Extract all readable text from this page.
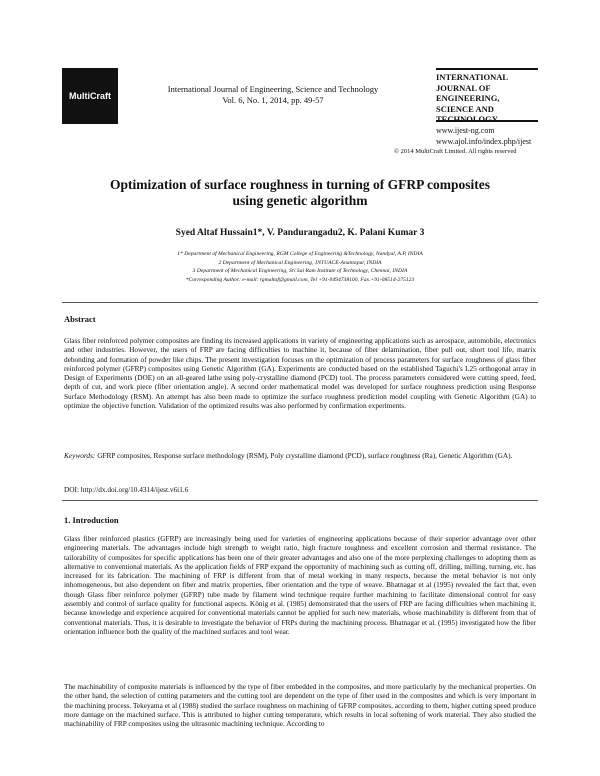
MultiCraft
International Journal of Engineering, Science and Technology
Vol. 6, No. 1, 2014, pp. 49-57
INTERNATIONAL
JOURNAL OF
ENGINEERING,
SCIENCE AND
TECHNOLOGY
www.ijest-ng.com
www.ajol.info/index.php/ijest
© 2014 MultiCraft Limited. All rights reserved
Optimization of surface roughness in turning of GFRP composites using genetic algorithm
Syed Altaf Hussain1*, V. Pandurangadu2, K. Palani Kumar 3
1* Department of Mechanical Engineering, RGM College of Engineering &Technology, Nandyal, A.P, INDIA
2 Department of Mechanical Engineering, JNTUACE-Anantapur, INDIA
3 Department of Mechanical Engineering, Sri Sai Ram Institute of Technology, Chennai, INDIA
*Corresponding Author: e-mail: rgmaltaf@gmail.com, Tel +91-9494738100, Fax.+91-08514-275123
Abstract

Glass fiber reinforced polymer composites are finding its increased applications in variety of engineering applications such as aerospace, automobile, electronics and other industries. However, the users of FRP are facing difficulties to machine it, because of fiber delamination, fiber pull out, short tool life, matrix debonding and formation of powder like chips. The present investigation focuses on the optimization of process parameters for surface roughness of glass fiber reinforced polymer (GFRP) composites using Genetic Algorithm (GA). Experiments are conducted based on the established Taguchi's L25 orthogonal array in Design of Experiments (DOE) on an all-geared lathe using poly-crystalline diamond (PCD) tool. The process parameters considered were cutting speed, feed, depth of cut, and work piece (fiber orientation angle). A second order mathematical model was developed for surface roughness prediction using Response Surface Methodology (RSM). An attempt has also been made to optimize the surface roughness prediction model coupling with Genetic Algorithm (GA) to optimize the objective function. Validation of the optimized results was also performed by confirmation experiments.

Keywords: GFRP composites, Response surface methodology (RSM), Poly crystalline diamond (PCD), surface roughness (Ra), Genetic Algorithm (GA).
DOI: http://dx.doi.org/10.4314/ijest.v6i1.6
1. Introduction

Glass fiber reinforced plastics (GFRP) are increasingly being used for varieties of engineering applications because of their superior advantage over other engineering materials. The advantages include high strength to weight ratio, high fracture toughness and excellent corrosion and thermal resistance. The tailorability of composites for specific applications has been one of their greater advantages and also one of the more perplexing challenges to adopting them as alternative to conventional materials. As the application fields of FRP expand the opportunity of machining such as cutting off, drilling, milling, turning, etc. has increased for its fabrication. The machining of FRP is different from that of metal working in many respects, because the metal behavior is not only inhomogeneous, but also dependent on fiber and matrix properties, fiber orientation and the type of weave. Bhatnagar et al (1995) revealed the fact that, even though Glass fiber reinforce polymer (GFRP) tube made by filament wind technique require further machining to facilitate dimensional control for easy assembly and control of surface quality for functional aspects. König et al. (1985) demonstrated that the users of FRP are facing difficulties when machining it, because knowledge and experience acquired for conventional materials cannot be applied for such new materials, whose machinability is different from that of conventional materials. Thus, it is desirable to investigate the behavior of FRPs during the machining process. Bhatnagar et al. (1995) investigated how the fiber orientation influence both the quality of the machined surfaces and tool wear.

The machinability of composite materials is influenced by the type of fiber embedded in the composites, and more particularly by the mechanical properties. On the other hand, the selection of cutting parameters and the cutting tool are dependent on the type of fiber used in the composites and which is very important in the machining process. Tekeyama et al (1988) studied the surface roughness on machining of GFRP composites, according to them, higher cutting speed produce more damage on the machined surface. This is attributed to higher cutting temperature, which results in local softening of work material. They also studied the machinability of FRP composites using the ultrasonic machining technique. According to
